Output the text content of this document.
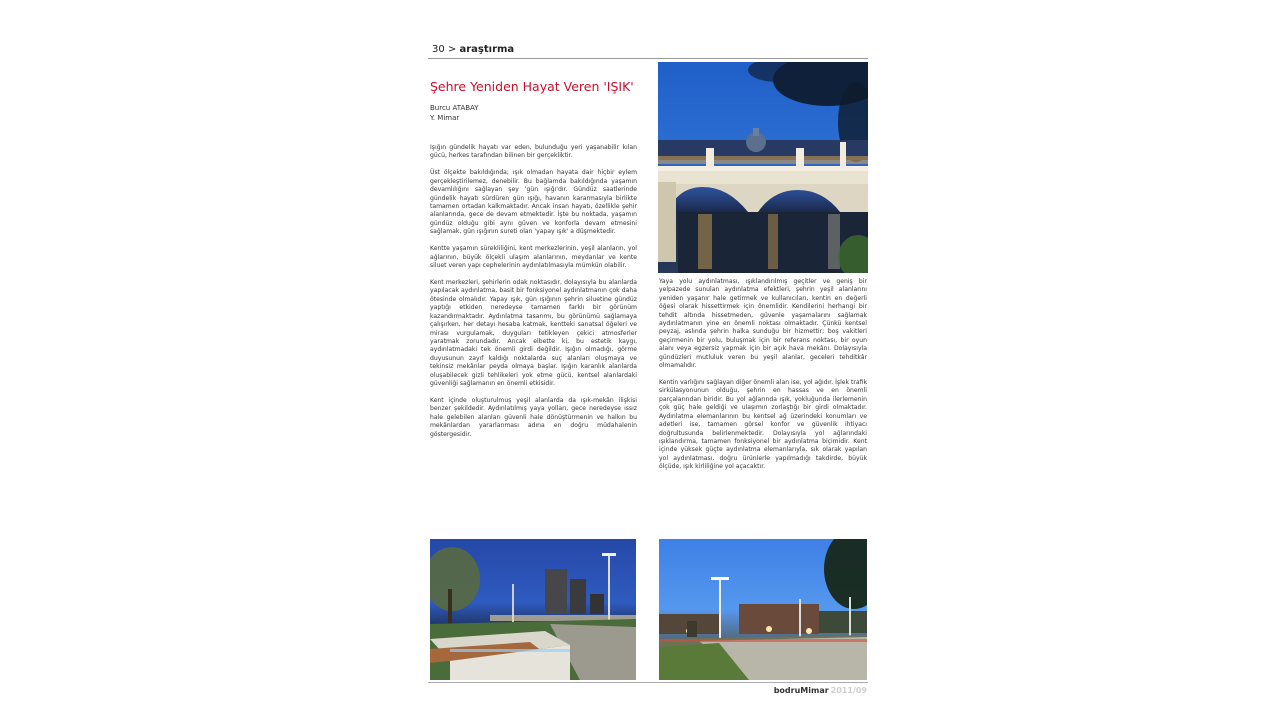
30 > araştırma
Şehre Yeniden Hayat Veren 'IŞIK'
Burcu ATABAY
Y. Mimar

Işığın gündelik hayatı var eden, bulunduğu yeri yaşanabilir kılan gücü, herkes tarafından bilinen bir gerçekliktir.

Üst ölçekte bakıldığında; ışık olmadan hayata dair hiçbir eylem gerçekleştirilemez, denebilir. Bu bağlamda bakıldığında yaşamın devamlılığını sağlayan şey 'gün ışığı'dır. Gündüz saatlerinde gündelik hayatı sürdüren gün ışığı, havanın kararmasıyla birlikte tamamen ortadan kalkmaktadır. Ancak insan hayatı, özellikle şehir alanlarında, gece de devam etmektedir. İşte bu noktada, yaşamın gündüz olduğu gibi aynı güven ve konforla devam etmesini sağlamak, gün ışığının sureti olan 'yapay ışık' a düşmektedir.

Kentte yaşamın sürekliliğini, kent merkezlerinin, yeşil alanların, yol ağlarının, büyük ölçekli ulaşım alanlarının, meydanlar ve kente siluet veren yapı cephelerinin aydınlatılmasıyla mümkün olabilir.

Kent merkezleri, şehirlerin odak noktasıdır, dolayısıyla bu alanlarda yapılacak aydınlatma, basit bir fonksiyonel aydınlatmanın çok daha ötesinde olmalıdır. Yapay ışık, gün ışığının şehrin siluetine gündüz yaptığı etkiden neredeyse tamamen farklı bir görünüm kazandırmaktadır. Aydınlatma tasarımı, bu görünümü sağlamaya çalışırken, her detayı hesaba katmak, kentteki sanatsal öğeleri ve mirası vurgulamak, duyguları tetikleyen çekici atmosferler yaratmak zorundadır. Ancak elbette ki, bu estetik kaygı, aydınlatmadaki tek önemli girdi değildir. Işığın olmadığı, görme duyusunun zayıf kaldığı noktalarda suç alanları oluşmaya ve tekinsiz mekânlar peyda olmaya başlar. Işığın karanlık alanlarda oluşabilecek gizli tehlikeleri yok etme gücü, kentsel alanlardaki güvenliği sağlamanın en önemli etkisidir.

Kent içinde oluşturulmuş yeşil alanlarda da ışık-mekân ilişkisi benzer şekildedir. Aydınlatılmış yaya yolları, gece neredeyse ıssız hale gelebilen alanları güvenli hale dönüştürmenin ve halkın bu mekânlardan yararlanması adına en doğru müdahalenin göstergesidir.

Yaya yolu aydınlatması, ışıklandırılmış geçitler ve geniş bir yelpazede sunulan aydınlatma efektleri, şehrin yeşil alanlarını yeniden yaşanır hale getirmek ve kullanıcıları, kentin en değerli öğesi olarak hissettirmek için önemlidir. Kendilerini herhangi bir tehdit altında hissetmeden, güvenle yaşamalarını sağlamak aydınlatmanın yine en önemli noktası olmaktadır. Çünkü kentsel peyzaj, aslında şehrin halka sunduğu bir hizmettir; boş vakitleri geçirmenin bir yolu, buluşmak için bir referans noktası, bir oyun alanı veya egzersiz yapmak için bir açık hava mekânı. Dolayısıyla gündüzleri mutluluk veren bu yeşil alanlar, geceleri tehditkâr olmamalıdır.

Kentin varlığını sağlayan diğer önemli alan ise, yol ağıdır. İşlek trafik sirkülasyonunun olduğu, şehrin en hassas ve en önemli parçalarından biridir. Bu yol ağlarında ışık, yokluğunda ilerlemenin çok güç hale geldiği ve ulaşımın zorlaştığı bir girdi olmaktadır. Aydınlatma elemanlarının bu kentsel ağ üzerindeki konumları ve adetleri ise, tamamen görsel konfor ve güvenlik ihtiyacı doğrultusunda belirlenmektedir. Dolayısıyla yol ağlarındaki ışıklandırma, tamamen fonksiyonel bir aydınlatma biçimidir. Kent içinde yüksek güçte aydınlatma elemanlarıyla, sık olarak yapılan yol aydınlatması, doğru ürünlerle yapılmadığı takdirde, büyük ölçüde, ışık kirliliğine yol açacaktır.

bodruMimar 2011/09
